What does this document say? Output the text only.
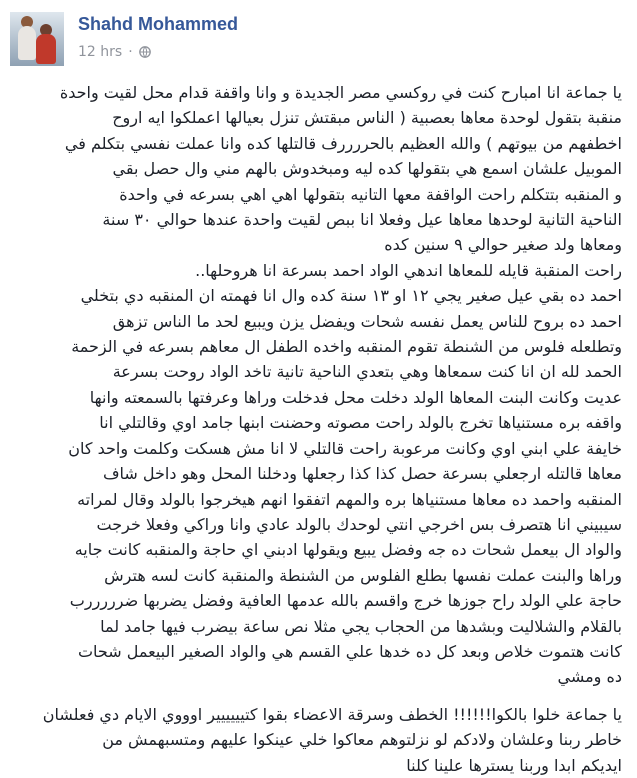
Shahd Mohammed
12 hrs ·

يا جماعة انا امبارح كنت في روكسي مصر الجديدة و وانا واقفة قدام محل لقيت واحدة
منقبة بتقول لوحدة معاها بعصبية ( الناس مبقتش تنزل بعيالها اعملكوا ايه اروح
اخطفهم من بيوتهم ) والله العظيم بالحررررف قالتلها كده وانا عملت نفسي بتكلم في
الموبيل علشان اسمع هي بتقولها كده ليه ومبخدوش بالهم مني وال حصل بقي
و المنقبه بتتكلم راحت الواقفة معها التانيه بتقولها اهي اهي بسرعه في واحدة
الناحية التانية لوحدها معاها عيل وفعلا انا ببص لقيت واحدة عندها حوالي ٣٠ سنة
ومعاها ولد صغير حوالي ٩ سنين كده
راحت المنقبة قايله للمعاها اندهي الواد احمد بسرعة انا هروحلها..
احمد ده بقي عيل صغير يجي ١٢ او ١٣ سنة كده وال انا فهمته ان المنقبه دي بتخلي
احمد ده بروح للناس يعمل نفسه شحات ويفضل يزن ويبيع لحد ما الناس تزهق
وتطلعله فلوس من الشنطة تقوم المنقبه واخده الطفل ال معاهم بسرعه في الزحمة
الحمد لله ان انا كنت سمعاها وهي بتعدي الناحية تانية تاخد الواد روحت بسرعة
عديت وكانت البنت المعاها الولد دخلت محل فدخلت وراها وعرفتها بالسمعته وانها
واقفه بره مستنياها تخرج بالولد راحت مصوته وحضنت ابنها جامد اوي وقالتلي انا
خايفة علي ابني اوي وكانت مرعوبة راحت قالتلي لا انا مش هسكت وكلمت واحد كان
معاها قالتله ارجعلي بسرعة حصل كذا كذا رجعلها ودخلنا المحل وهو داخل شاف
المنقبه واحمد ده معاها مستنياها بره والمهم اتفقوا انهم هيخرجوا بالولد وقال لمراته
سيبيني انا هتصرف بس اخرجي انتي لوحدك بالولد عادي وانا وراكي وفعلا خرجت
والواد ال بيعمل شحات ده جه وفضل يبيع ويقولها ادبني اي حاجة والمنقبه كانت جايه
وراها والبنت عملت نفسها بطلع الفلوس من الشنطة والمنقبة كانت لسه هترش
حاجة علي الولد راح جوزها خرج واقسم بالله عدمها العافية وفضل يضربها ضرررررب
بالقلام والشلاليت وبشدها من الحجاب يجي مثلا نص ساعة بيضرب فيها جامد لما
كانت هتموت خلاص وبعد كل ده خدها علي القسم هي والواد الصغير البيعمل شحات
ده ومشي

يا جماعة خلوا بالكوا!!!!!! الخطف وسرقة الاعضاء بقوا كتيييييير اوووي الايام دي فعلشان
خاطر ربنا وعلشان ولادكم لو نزلتوهم معاكوا خلي عينكوا عليهم ومتسبهمش من
ايديكم ابدا وربنا يسترها علينا كلنا
